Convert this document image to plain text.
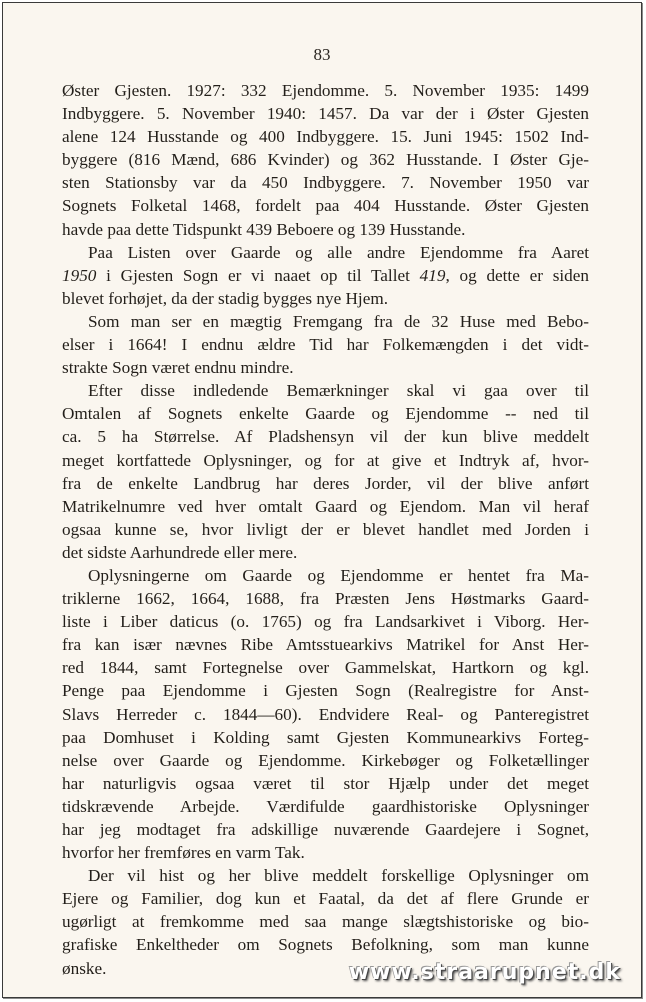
83

Øster Gjesten. 1927: 332 Ejendomme. 5. November 1935: 1499
Indbyggere. 5. November 1940: 1457. Da var der i Øster Gjesten
alene 124 Husstande og 400 Indbyggere. 15. Juni 1945: 1502 Ind-
byggere (816 Mænd, 686 Kvinder) og 362 Husstande. I Øster Gje-
sten Stationsby var da 450 Indbyggere. 7. November 1950 var
Sognets Folketal 1468, fordelt paa 404 Husstande. Øster Gjesten
havde paa dette Tidspunkt 439 Beboere og 139 Husstande.

Paa Listen over Gaarde og alle andre Ejendomme fra Aaret
1950 i Gjesten Sogn er vi naaet op til Tallet 419, og dette er siden
blevet forhøjet, da der stadig bygges nye Hjem.

Som man ser en mægtig Fremgang fra de 32 Huse med Bebo-
elser i 1664! I endnu ældre Tid har Folkemængden i det vidt-
strakte Sogn været endnu mindre.

Efter disse indledende Bemærkninger skal vi gaa over til
Omtalen af Sognets enkelte Gaarde og Ejendomme -- ned til
ca. 5 ha Størrelse. Af Pladshensyn vil der kun blive meddelt
meget kortfattede Oplysninger, og for at give et Indtryk af, hvor-
fra de enkelte Landbrug har deres Jorder, vil der blive anført
Matrikelnumre ved hver omtalt Gaard og Ejendom. Man vil heraf
ogsaa kunne se, hvor livligt der er blevet handlet med Jorden i
det sidste Aarhundrede eller mere.

Oplysningerne om Gaarde og Ejendomme er hentet fra Ma-
triklerne 1662, 1664, 1688, fra Præsten Jens Høstmarks Gaard-
liste i Liber daticus (o. 1765) og fra Landsarkivet i Viborg. Her-
fra kan især nævnes Ribe Amtsstuearkivs Matrikel for Anst Her-
red 1844, samt Fortegnelse over Gammelskat, Hartkorn og kgl.
Penge paa Ejendomme i Gjesten Sogn (Realregistre for Anst-
Slavs Herreder c. 1844—60). Endvidere Real- og Panteregistret
paa Domhuset i Kolding samt Gjesten Kommunearkivs Forteg-
nelse over Gaarde og Ejendomme. Kirkebøger og Folketællinger
har naturligvis ogsaa været til stor Hjælp under det meget
tidskrævende Arbejde. Værdifulde gaardhistoriske Oplysninger
har jeg modtaget fra adskillige nuværende Gaardejere i Sognet,
hvorfor her fremføres en varm Tak.

Der vil hist og her blive meddelt forskellige Oplysninger om
Ejere og Familier, dog kun et Faatal, da det af flere Grunde er
ugørligt at fremkomme med saa mange slægtshistoriske og bio-
grafiske Enkeltheder om Sognets Befolkning, som man kunne
ønske.	www.straarupnet.dk
